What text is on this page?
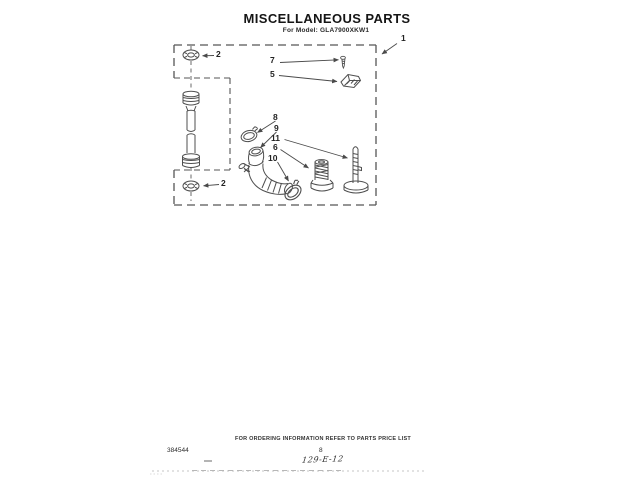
MISCELLANEOUS PARTS
For Model: GLA7900XKW1
1
2
2
7
5
8
9
11
6
10
FOR ORDERING INFORMATION REFER TO PARTS PRICE LIST
384544	8
129-E-12
